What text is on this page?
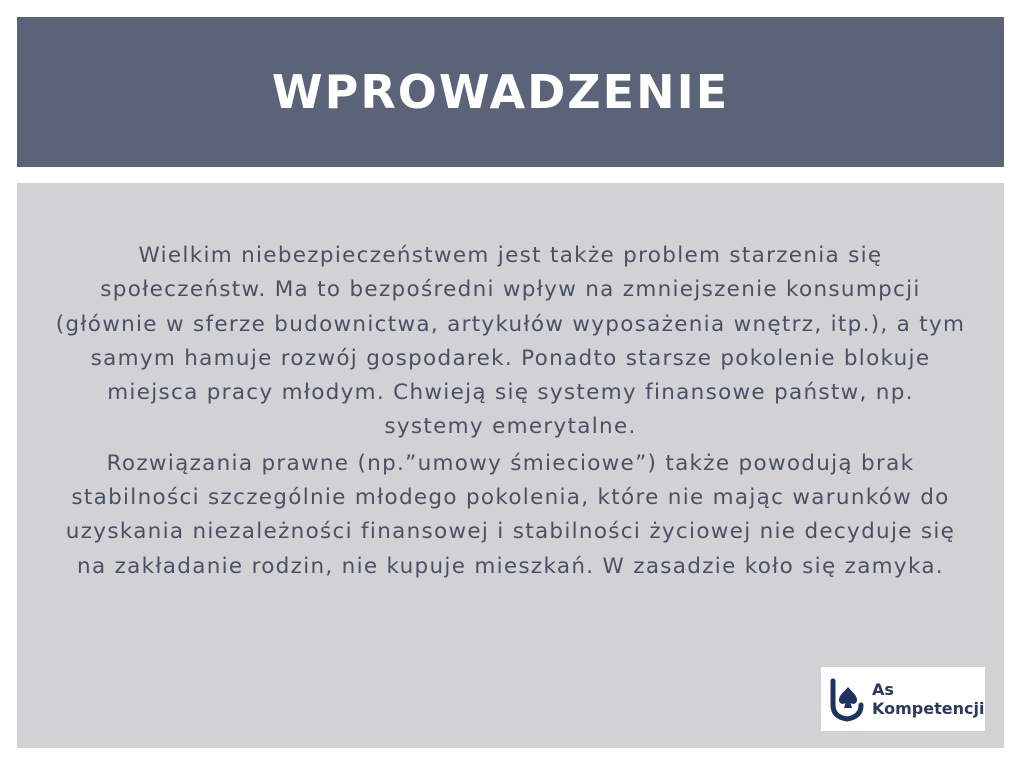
WPROWADZENIE

Wielkim niebezpieczeństwem jest także problem starzenia się społeczeństw. Ma to bezpośredni wpływ na zmniejszenie konsumpcji (głównie w sferze budownictwa, artykułów wyposażenia wnętrz, itp.), a tym samym hamuje rozwój gospodarek. Ponadto starsze pokolenie blokuje miejsca pracy młodym. Chwieją się systemy finansowe państw, np. systemy emerytalne.

Rozwiązania prawne (np.”umowy śmieciowe”) także powodują brak stabilności szczególnie młodego pokolenia, które nie mając warunków do uzyskania niezależności finansowej i stabilności życiowej nie decyduje się na zakładanie rodzin, nie kupuje mieszkań. W zasadzie koło się zamyka.

As
Kompetencji
